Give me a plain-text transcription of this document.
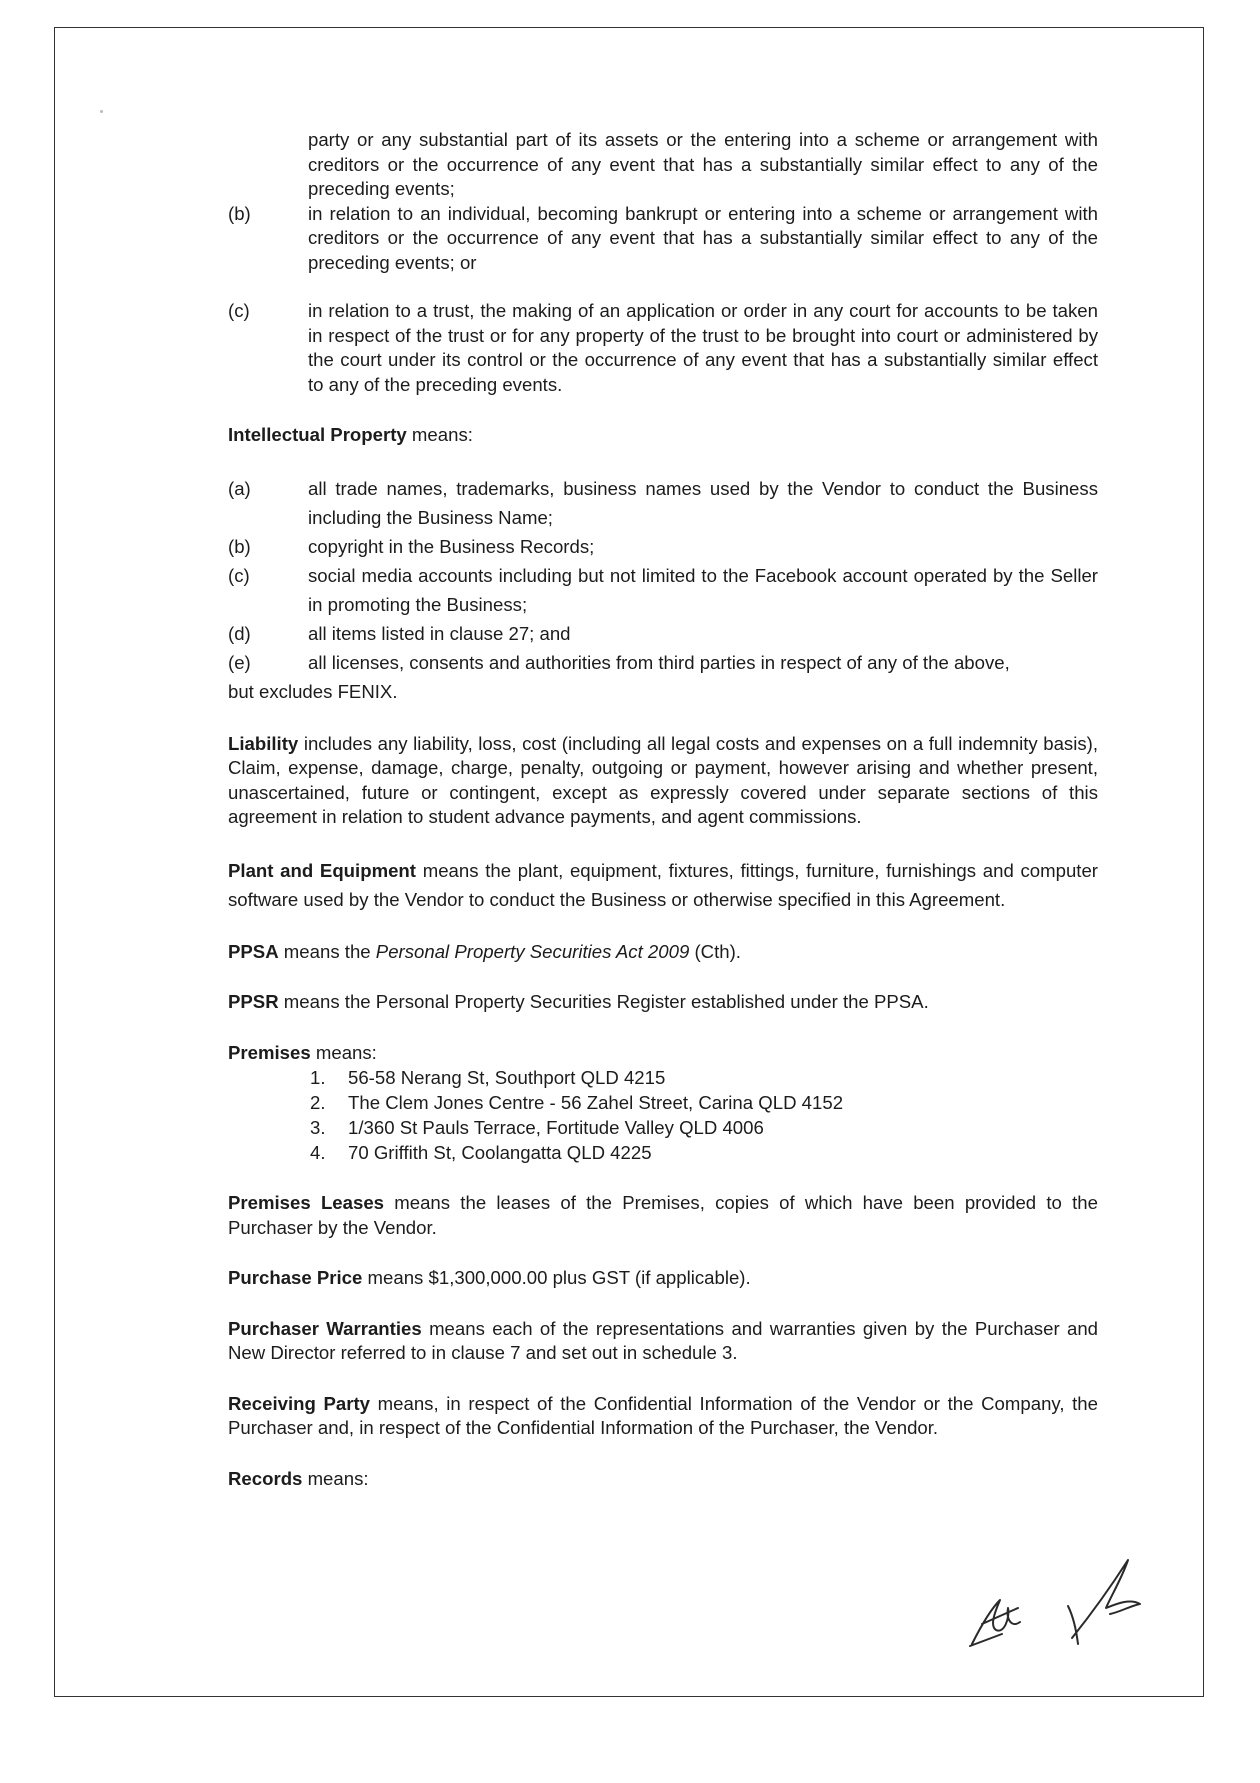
party or any substantial part of its assets or the entering into a scheme or arrangement with creditors or the occurrence of any event that has a substantially similar effect to any of the preceding events;
(b)	in relation to an individual, becoming bankrupt or entering into a scheme or arrangement with creditors or the occurrence of any event that has a substantially similar effect to any of the preceding events; or
(c)	in relation to a trust, the making of an application or order in any court for accounts to be taken in respect of the trust or for any property of the trust to be brought into court or administered by the court under its control or the occurrence of any event that has a substantially similar effect to any of the preceding events.

Intellectual Property means:

(a)	all trade names, trademarks, business names used by the Vendor to conduct the Business including the Business Name;
(b)	copyright in the Business Records;
(c)	social media accounts including but not limited to the Facebook account operated by the Seller in promoting the Business;
(d)	all items listed in clause 27; and
(e)	all licenses, consents and authorities from third parties in respect of any of the above,

but excludes FENIX.

Liability includes any liability, loss, cost (including all legal costs and expenses on a full indemnity basis), Claim, expense, damage, charge, penalty, outgoing or payment, however arising and whether present, unascertained, future or contingent, except as expressly covered under separate sections of this agreement in relation to student advance payments, and agent commissions.

Plant and Equipment means the plant, equipment, fixtures, fittings, furniture, furnishings and computer software used by the Vendor to conduct the Business or otherwise specified in this Agreement.

PPSA means the Personal Property Securities Act 2009 (Cth).

PPSR means the Personal Property Securities Register established under the PPSA.

Premises means:

1. 56-58 Nerang St, Southport QLD 4215
2. The Clem Jones Centre - 56 Zahel Street, Carina QLD 4152
3. 1/360 St Pauls Terrace, Fortitude Valley QLD 4006
4. 70 Griffith St, Coolangatta QLD 4225

Premises Leases means the leases of the Premises, copies of which have been provided to the Purchaser by the Vendor.

Purchase Price means $1,300,000.00 plus GST (if applicable).

Purchaser Warranties means each of the representations and warranties given by the Purchaser and New Director referred to in clause 7 and set out in schedule 3.

Receiving Party means, in respect of the Confidential Information of the Vendor or the Company, the Purchaser and, in respect of the Confidential Information of the Purchaser, the Vendor.

Records means:
